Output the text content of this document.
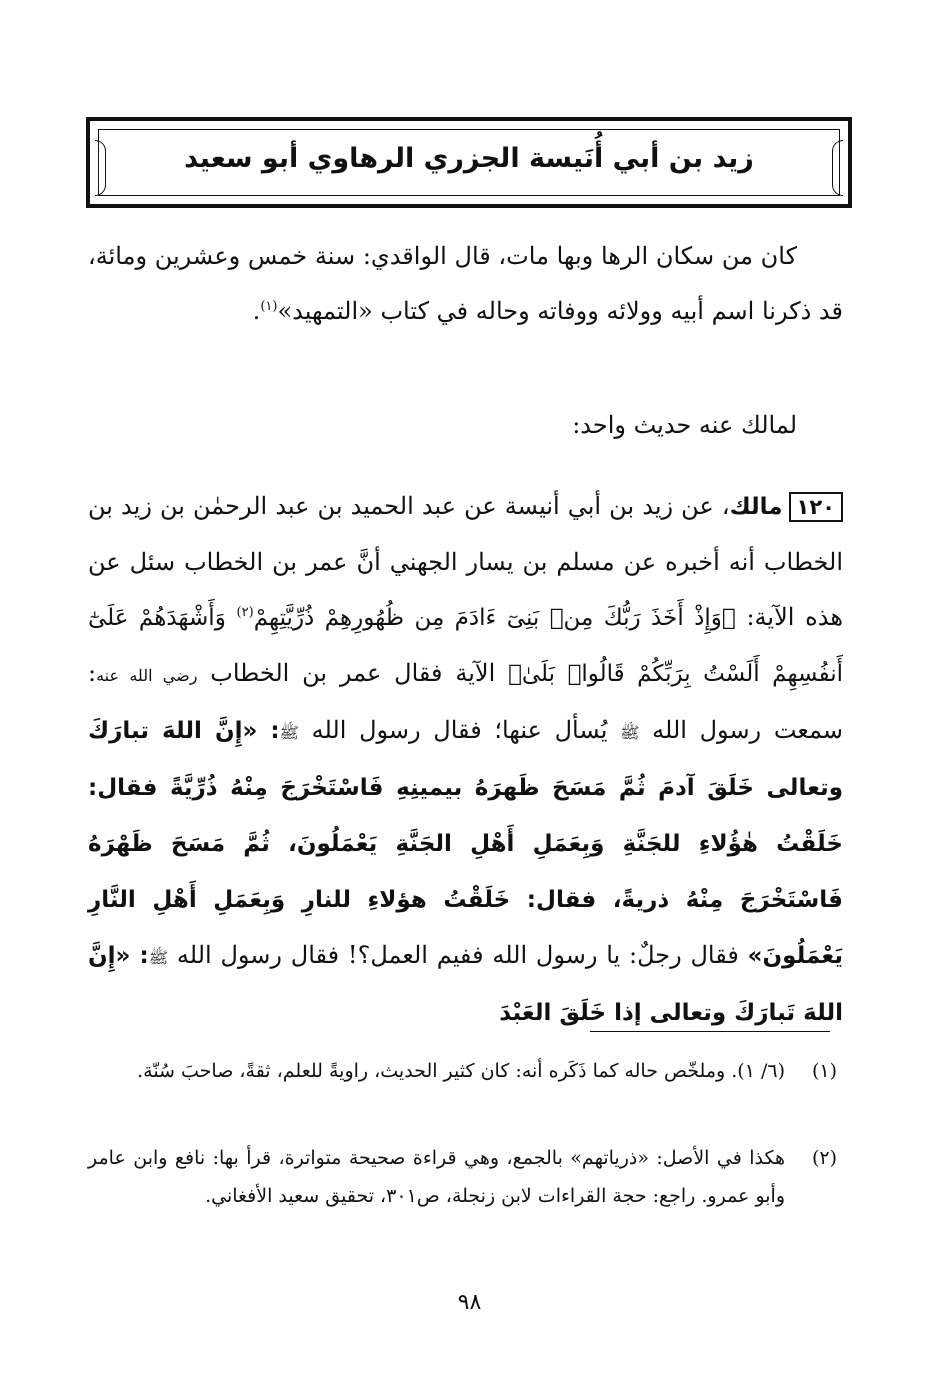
زيد بن أبي أُنَيسة الجزري الرهاوي أبو سعيد

كان من سكان الرها وبها مات، قال الواقدي: سنة خمس وعشرين ومائة، قد ذكرنا اسم أبيه وولائه ووفاته وحاله في كتاب «التمهيد»$^{(١)}$.

لمالك عنه حديث واحد:

١٢٠مالك، عن زيد بن أبي أنيسة عن عبد الحميد بن عبد الرحمٰن بن زيد بن الخطاب أنه أخبره عن مسلم بن يسار الجهني أنَّ عمر بن الخطاب سئل عن هذه الآية: ﴿وَإِذْ أَخَذَ رَبُّكَ مِنۢ بَنِىٓ ءَادَمَ مِن ظُهُورِهِمْ ذُرِّيَّتِهِمْ$^{(٢)}$ وَأَشْهَدَهُمْ عَلَىٰٓ أَنفُسِهِمْ أَلَسْتُ بِرَبِّكُمْ قَالُوا۟ بَلَىٰ﴾ الآية فقال عمر بن الخطاب رضي الله عنه: سمعت رسول الله ﷺ يُسأل عنها؛ فقال رسول الله ﷺ: «إِنَّ اللهَ تبارَكَ وتعالى خَلَقَ آدمَ ثُمَّ مَسَحَ ظَهرَهُ بيمينِهِ فَاسْتَخْرَجَ مِنْهُ ذُرِّيَّةً فقال: خَلَقْتُ هٰؤُلاءِ للجَنَّةِ وَبِعَمَلِ أَهْلِ الجَنَّةِ يَعْمَلُونَ، ثُمَّ مَسَحَ ظَهْرَهُ فَاسْتَخْرَجَ مِنْهُ ذريةً، فقال: خَلَقْتُ هؤلاءِ للنارِ وَبِعَمَلِ أَهْلِ النَّارِ يَعْمَلُونَ» فقال رجلٌ: يا رسول الله ففيم العمل؟! فقال رسول الله ﷺ: «إِنَّ اللهَ تَبارَكَ وتعالى إذا خَلَقَ العَبْدَ

(١)
(٦/ ١). وملخّص حاله كما ذَكَره أنه: كان كثير الحديث، راويةً للعلم، ثقةً، صاحبَ سُنّة.

(٢)
هكذا في الأصل: «ذرياتهم» بالجمع، وهي قراءة صحيحة متواترة، قرأ بها: نافع وابن عامر وأبو عمرو. راجع: حجة القراءات لابن زنجلة، ص٣٠١، تحقيق سعيد الأفغاني.

٩٨
